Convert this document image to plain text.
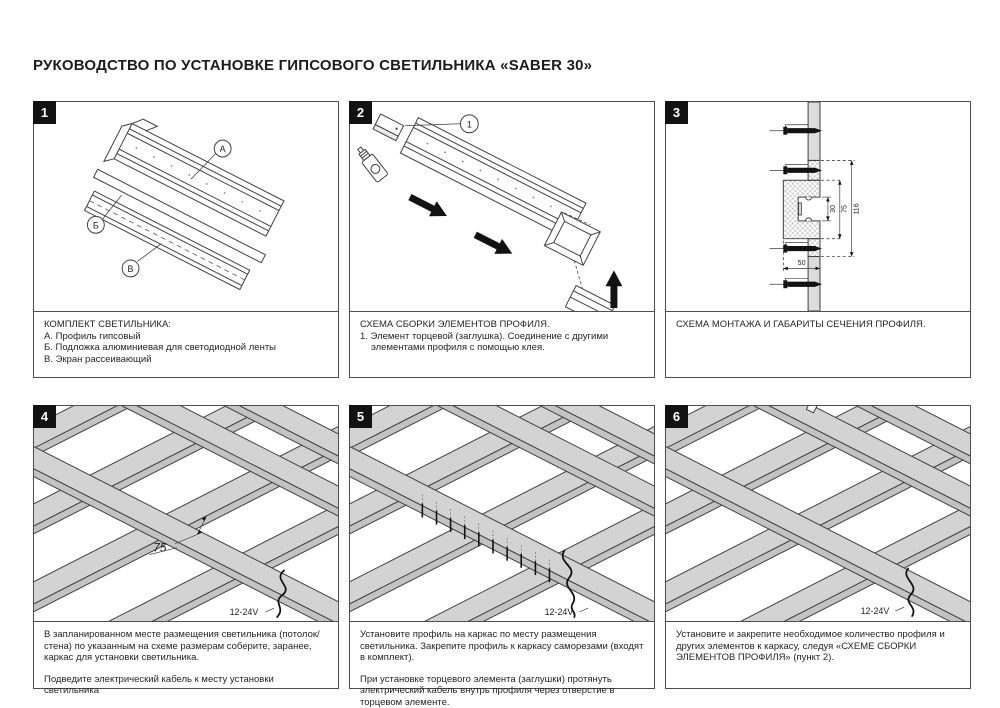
РУКОВОДСТВО ПО УСТАНОВКЕ ГИПСОВОГО СВЕТИЛЬНИКА «SABER 30»
1
А
Б
В

КОМПЛЕКТ СВЕТИЛЬНИКА:

А. Профиль гипсовый

Б. Подложка алюминиевая для светодиодной ленты

В. Экран рассеивающий

2
1

СХЕМА СБОРКИ ЭЛЕМЕНТОВ ПРОФИЛЯ.

1. Элемент торцевой (заглушка). Соединение с другими элементами профиля с помощью клея.

3
30 75 116
50

СХЕМА МОНТАЖА И ГАБАРИТЫ СЕЧЕНИЯ ПРОФИЛЯ.

4
75
12-24V

В запланированном месте размещения светильника (потолок/стена) по указанным на схеме размерам соберите, заранее, каркас для установки светильника.

Подведите электрический кабель к месту установки светильника

5
12-24V

Установите профиль на каркас по месту размещения светильника. Закрепите профиль к каркасу саморезами (входят в комплект).

При установке торцевого элемента (заглушки) протянуть электрический кабель внутрь профиля через отверстие в торцевом элементе.

6
12-24V

Установите и закрепите необходимое количество профиля и других элементов к каркасу, следуя «СХЕМЕ СБОРКИ ЭЛЕМЕНТОВ ПРОФИЛЯ» (пункт 2).
